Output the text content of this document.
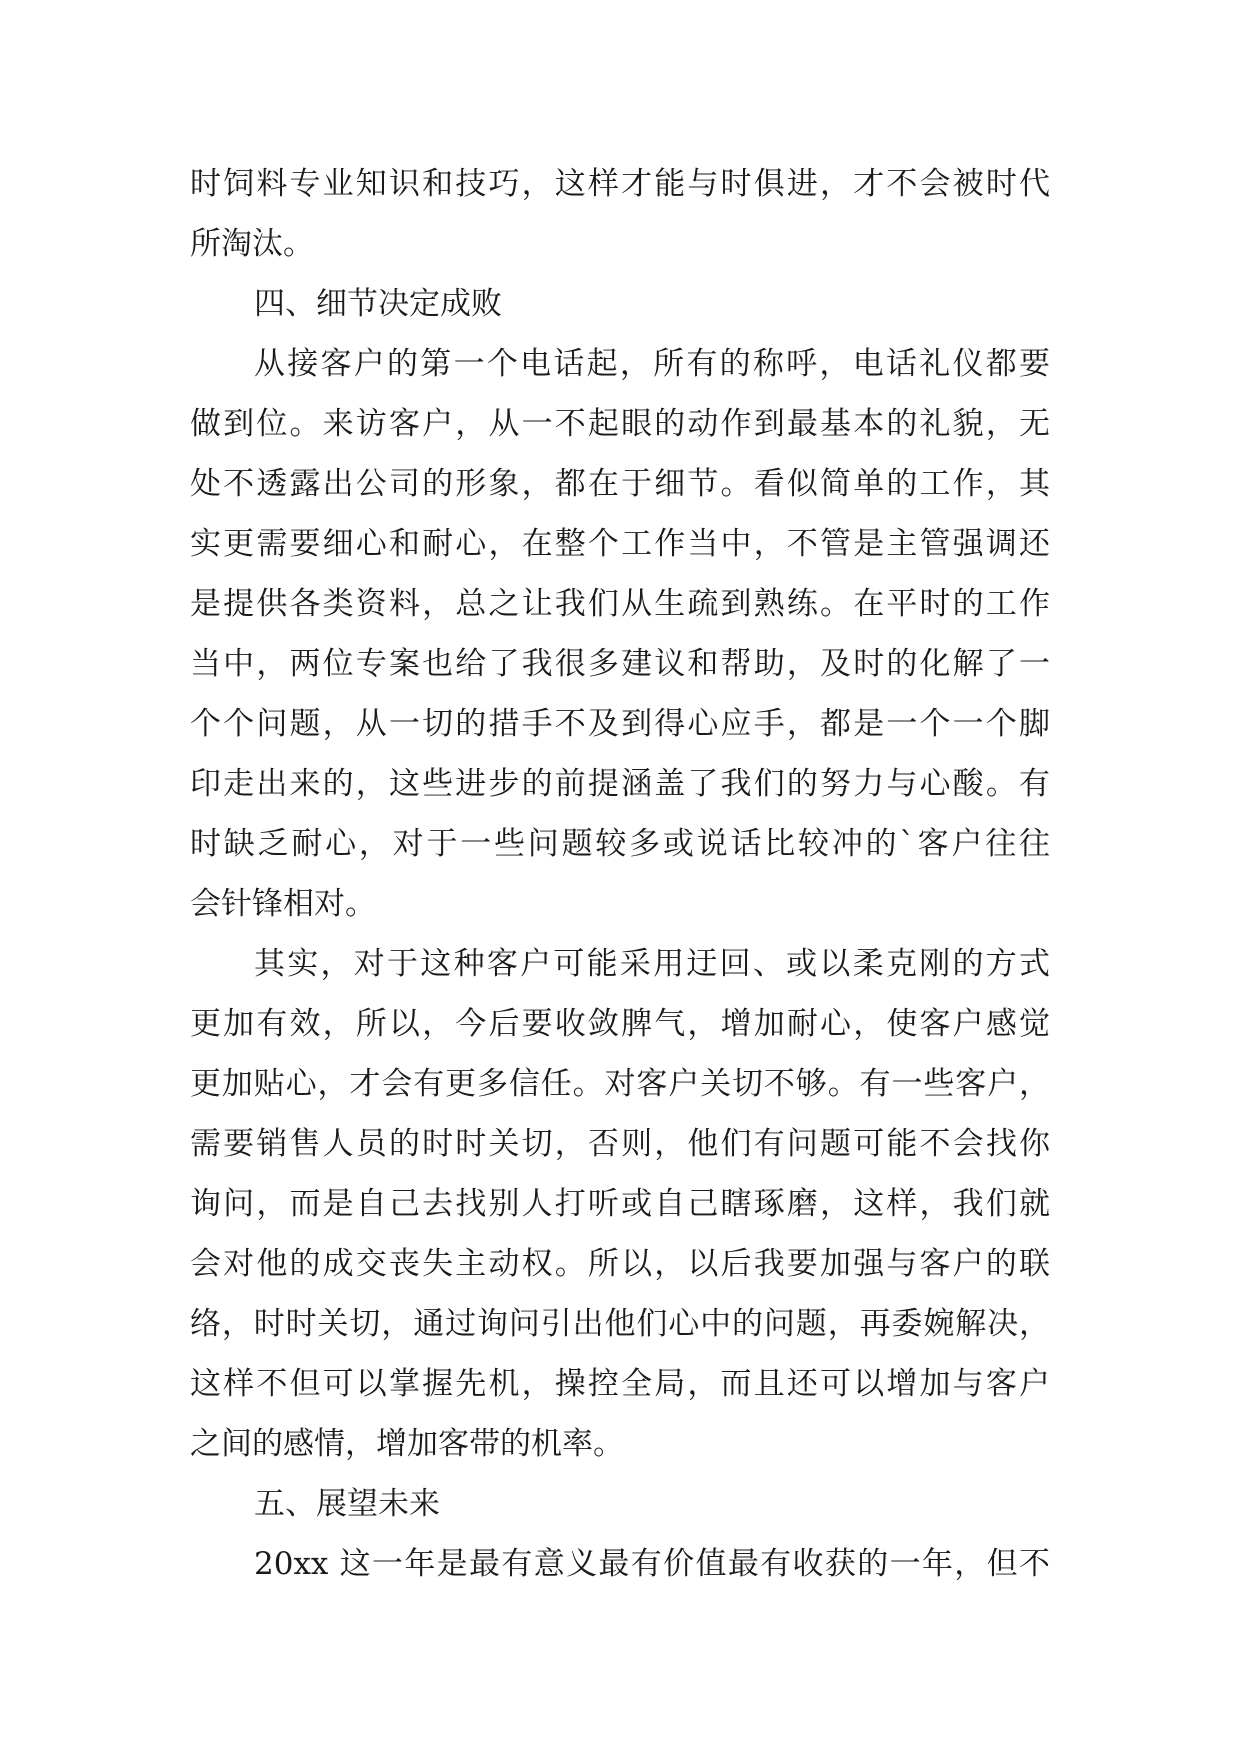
时饲料专业知识和技巧，这样才能与时俱进，才不会被时代
所淘汰。
四、细节决定成败
从接客户的第一个电话起，所有的称呼，电话礼仪都要
做到位。来访客户，从一不起眼的动作到最基本的礼貌，无
处不透露出公司的形象，都在于细节。看似简单的工作，其
实更需要细心和耐心，在整个工作当中，不管是主管强调还
是提供各类资料，总之让我们从生疏到熟练。在平时的工作
当中，两位专案也给了我很多建议和帮助，及时的化解了一
个个问题，从一切的措手不及到得心应手，都是一个一个脚
印走出来的，这些进步的前提涵盖了我们的努力与心酸。有
时缺乏耐心，对于一些问题较多或说话比较冲的`客户往往
会针锋相对。
其实，对于这种客户可能采用迂回、或以柔克刚的方式
更加有效，所以，今后要收敛脾气，增加耐心，使客户感觉
更加贴心，才会有更多信任。对客户关切不够。有一些客户，
需要销售人员的时时关切，否则，他们有问题可能不会找你
询问，而是自己去找别人打听或自己瞎琢磨，这样，我们就
会对他的成交丧失主动权。所以，以后我要加强与客户的联
络，时时关切，通过询问引出他们心中的问题，再委婉解决，
这样不但可以掌握先机，操控全局，而且还可以增加与客户
之间的感情，增加客带的机率。
五、展望未来
20xx 这一年是最有意义最有价值最有收获的一年，但不
